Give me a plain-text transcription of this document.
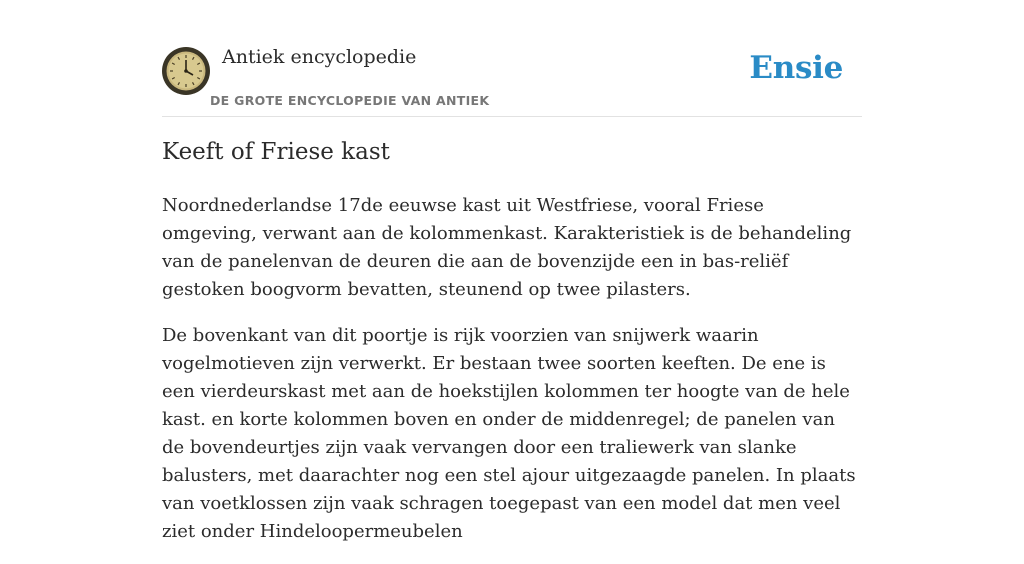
Antiek encyclopedie
DE GROTE ENCYCLOPEDIE VAN ANTIEK
Ensie
Keeft of Friese kast

Noordnederlandse 17de eeuwse kast uit Westfriese, vooral Friese omgeving, verwant aan de kolommenkast. Karakteristiek is de behandeling van de panelenvan de deuren die aan de bovenzijde een in bas-reliëf gestoken boogvorm bevatten, steunend op twee pilasters.

De bovenkant van dit poortje is rijk voorzien van snijwerk waarin vogelmotieven zijn verwerkt. Er bestaan twee soorten keeften. De ene is een vierdeurskast met aan de hoekstijlen kolommen ter hoogte van de hele kast. en korte kolommen boven en onder de middenregel; de panelen van de bovendeurtjes zijn vaak vervangen door een traliewerk van slanke balusters, met daarachter nog een stel ajour uitgezaagde panelen. In plaats van voetklossen zijn vaak schragen toegepast van een model dat men veel ziet onder Hindeloopermeubelen
